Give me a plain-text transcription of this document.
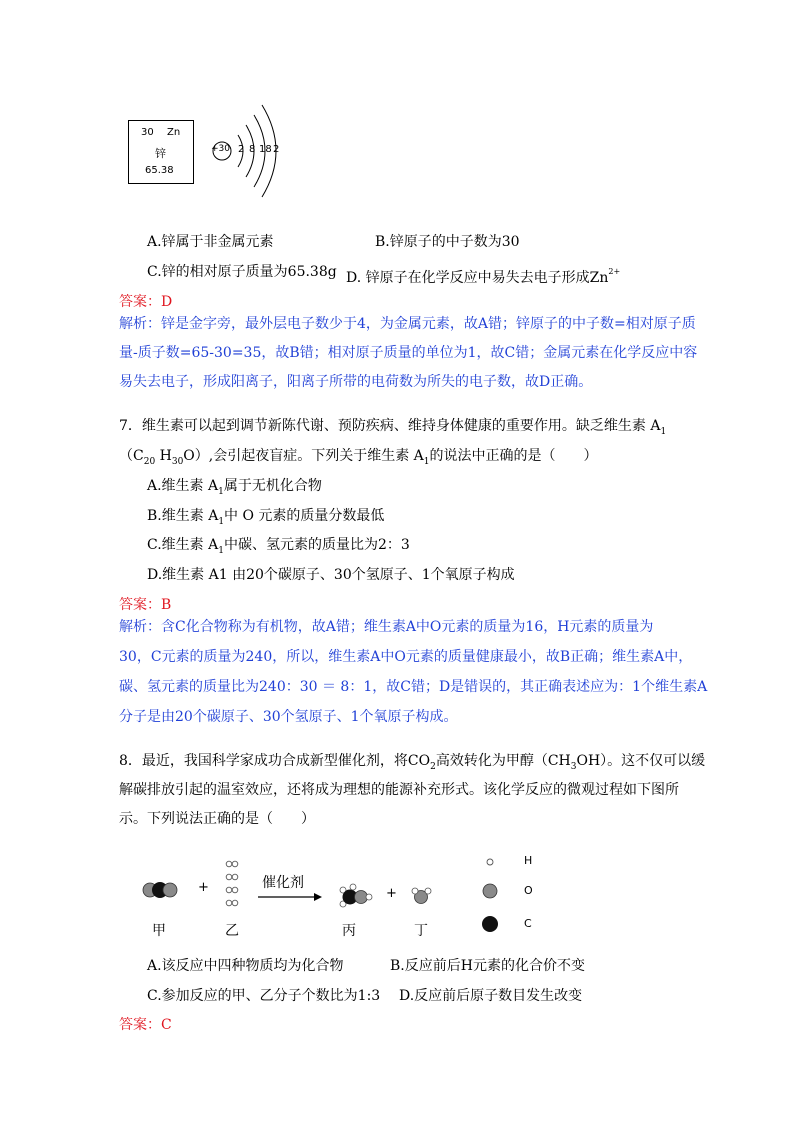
30 Zn
锌
65.38
+30 2 8 18 2
A.锌属于非金属元素	B.锌原子的中子数为30
C.锌的相对原子质量为65.38g D. 锌原子在化学反应中易失去电子形成$Zn^{2+}$
答案：D
解析：锌是金字旁，最外层电子数少于4，为金属元素，故A错；锌原子的中子数=相对原子质
量-质子数=65-30=35，故B错；相对原子质量的单位为1，故C错；金属元素在化学反应中容
易失去电子，形成阳离子，阳离子所带的电荷数为所失的电子数，故D正确。
7．维生素可以起到调节新陈代谢、预防疾病、维持身体健康的重要作用。缺乏维生素 $A_1$
（$C_{20}$ $H_{30}O$）,会引起夜盲症。下列关于维生素 $A_1$的说法中正确的是（　　）
A.维生素 $A_1$属于无机化合物
B.维生素 $A_1$中 O 元素的质量分数最低
C.维生素 $A_1$中碳、氢元素的质量比为2：3
D.维生素 A1 由20个碳原子、30个氢原子、1个氧原子构成
答案：B
解析：含C化合物称为有机物，故A错；维生素A中O元素的质量为16，H元素的质量为
30，C元素的质量为240，所以，维生素A中O元素的质量健康最小，故B正确；维生素A中，
碳、氢元素的质量比为240：30 ＝ 8：1，故C错；D是错误的，其正确表述应为：1个维生素A
分子是由20个碳原子、30个氢原子、1个氧原子构成。
8．最近，我国科学家成功合成新型催化剂，将$CO_2$高效转化为甲醇$(CH_3OH)$。这不仅可以缓
解碳排放引起的温室效应，还将成为理想的能源补充形式。该化学反应的微观过程如下图所
示。下列说法正确的是（　　）
+	+
催化剂
甲	乙	丙	丁
H
O
C
A.该反应中四种物质均为化合物	B.反应前后H元素的化合价不变
C.参加反应的甲、乙分子个数比为1:3 D.反应前后原子数目发生改变
答案：C
